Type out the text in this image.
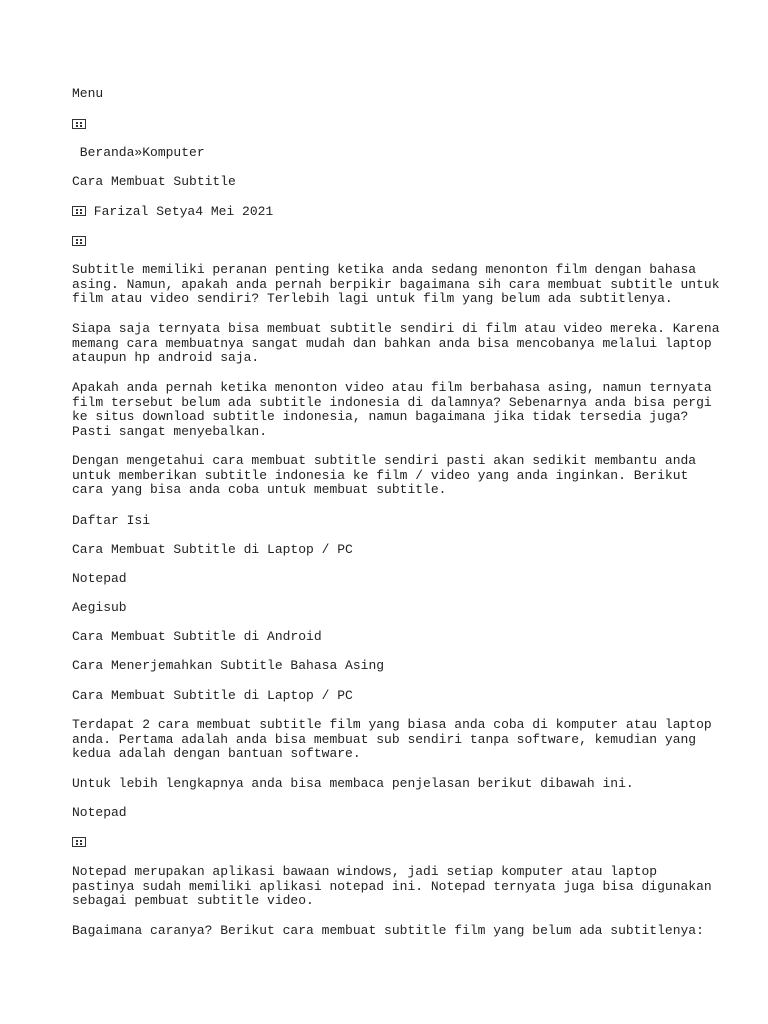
Menu

Beranda»Komputer

Cara Membuat Subtitle

Farizal Setya4 Mei 2021

Subtitle memiliki peranan penting ketika anda sedang menonton film dengan bahasa
asing. Namun, apakah anda pernah berpikir bagaimana sih cara membuat subtitle untuk
film atau video sendiri? Terlebih lagi untuk film yang belum ada subtitlenya.

Siapa saja ternyata bisa membuat subtitle sendiri di film atau video mereka. Karena
memang cara membuatnya sangat mudah dan bahkan anda bisa mencobanya melalui laptop
ataupun hp android saja.

Apakah anda pernah ketika menonton video atau film berbahasa asing, namun ternyata
film tersebut belum ada subtitle indonesia di dalamnya? Sebenarnya anda bisa pergi
ke situs download subtitle indonesia, namun bagaimana jika tidak tersedia juga?
Pasti sangat menyebalkan.

Dengan mengetahui cara membuat subtitle sendiri pasti akan sedikit membantu anda
untuk memberikan subtitle indonesia ke film / video yang anda inginkan. Berikut
cara yang bisa anda coba untuk membuat subtitle.

Daftar Isi

Cara Membuat Subtitle di Laptop / PC

Notepad

Aegisub

Cara Membuat Subtitle di Android

Cara Menerjemahkan Subtitle Bahasa Asing

Cara Membuat Subtitle di Laptop / PC

Terdapat 2 cara membuat subtitle film yang biasa anda coba di komputer atau laptop
anda. Pertama adalah anda bisa membuat sub sendiri tanpa software, kemudian yang
kedua adalah dengan bantuan software.

Untuk lebih lengkapnya anda bisa membaca penjelasan berikut dibawah ini.

Notepad

Notepad merupakan aplikasi bawaan windows, jadi setiap komputer atau laptop
pastinya sudah memiliki aplikasi notepad ini. Notepad ternyata juga bisa digunakan
sebagai pembuat subtitle video.

Bagaimana caranya? Berikut cara membuat subtitle film yang belum ada subtitlenya:
